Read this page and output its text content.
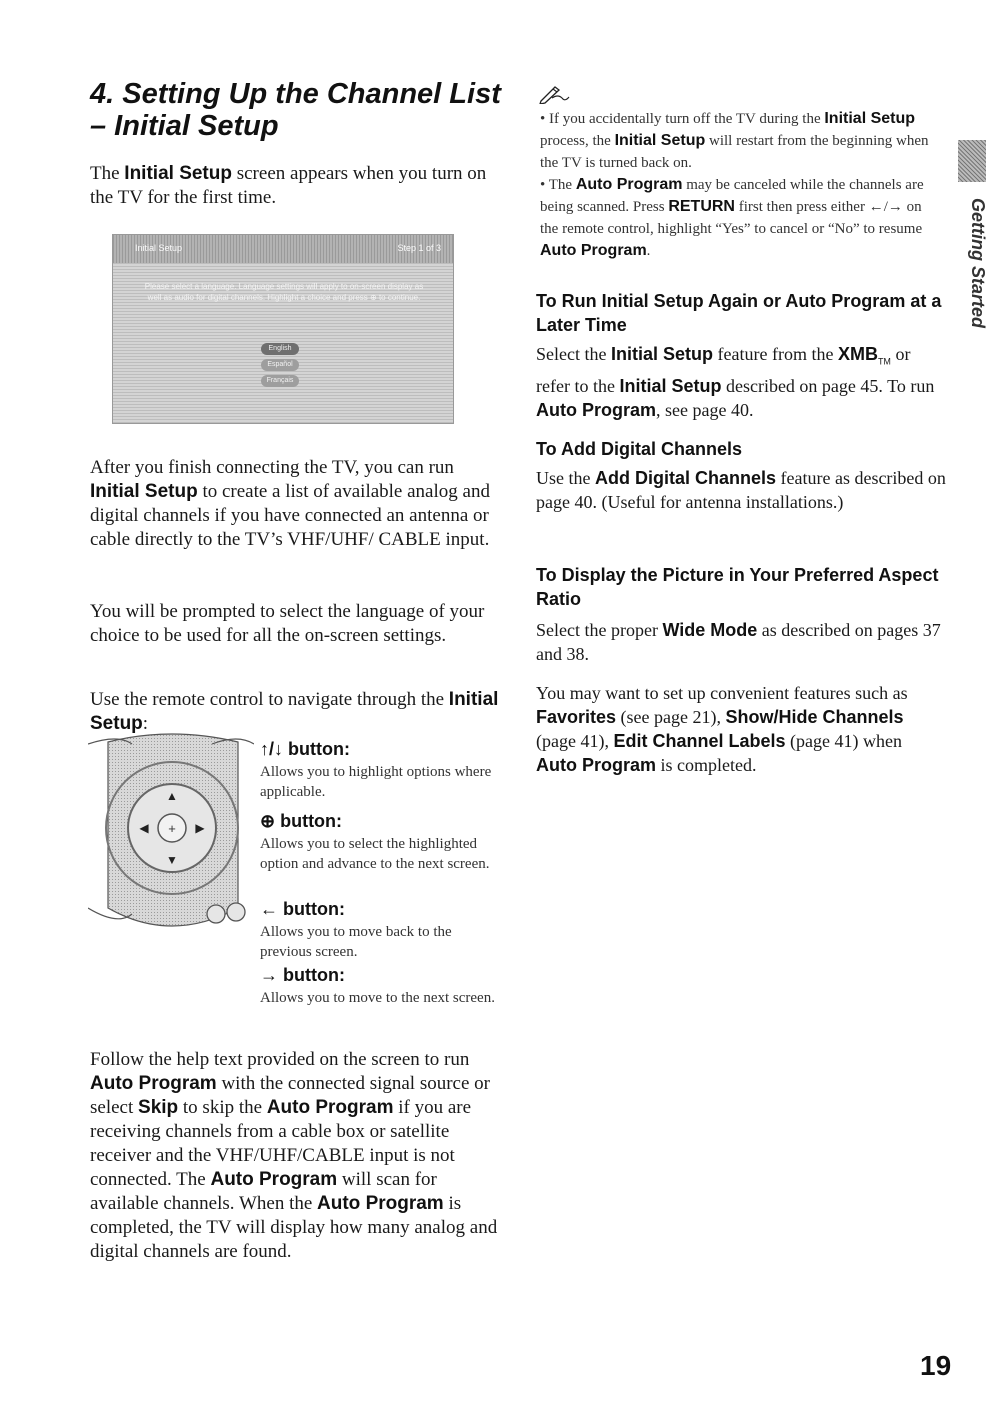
4. Setting Up the Channel List
– Initial Setup

The Initial Setup screen appears when you turn on the TV for the first time.

Initial Setup	Step 1 of 3
Please select a language. Language settings will apply to on-screen display as well as audio for digital channels. Highlight a choice and press ⊕ to continue.
English
Español
Français

After you finish connecting the TV, you can run Initial Setup to create a list of available analog and digital channels if you have connected an antenna or cable directly to the TV’s VHF/UHF/ CABLE input.

You will be prompted to select the language of your choice to be used for all the on-screen settings.

Use the remote control to navigate through the Initial Setup:

+
▲
▼
◀	▶

↑/↓ button:

Allows you to highlight options where applicable.

⊕ button:

Allows you to select the highlighted option and advance to the next screen.

← button:

Allows you to move back to the previous screen.

→ button:

Allows you to move to the next screen.

Follow the help text provided on the screen to run Auto Program with the connected signal source or select Skip to skip the Auto Program if you are receiving channels from a cable box or satellite receiver and the VHF/UHF/CABLE input is not connected. The Auto Program will scan for available channels. When the Auto Program is completed, the TV will display how many analog and digital channels are found.

• If you accidentally turn off the TV during the Initial Setup process, the Initial Setup will restart from the beginning when the TV is turned back on.

• The Auto Program may be canceled while the channels are being scanned. Press RETURN first then press either ←/→ on the remote control, highlight “Yes” to cancel or “No” to resume Auto Program.

To Run Initial Setup Again or Auto Program at a Later Time

Select the Initial Setup feature from the $XMB_{TM}$ or refer to the Initial Setup described on page 45. To run Auto Program, see page 40.

To Add Digital Channels

Use the Add Digital Channels feature as described on page 40. (Useful for antenna installations.)

To Display the Picture in Your Preferred Aspect Ratio

Select the proper Wide Mode as described on pages 37 and 38.

You may want to set up convenient features such as Favorites (see page 21), Show/Hide Channels (page 41), Edit Channel Labels (page 41) when Auto Program is completed.

Getting Started
19
